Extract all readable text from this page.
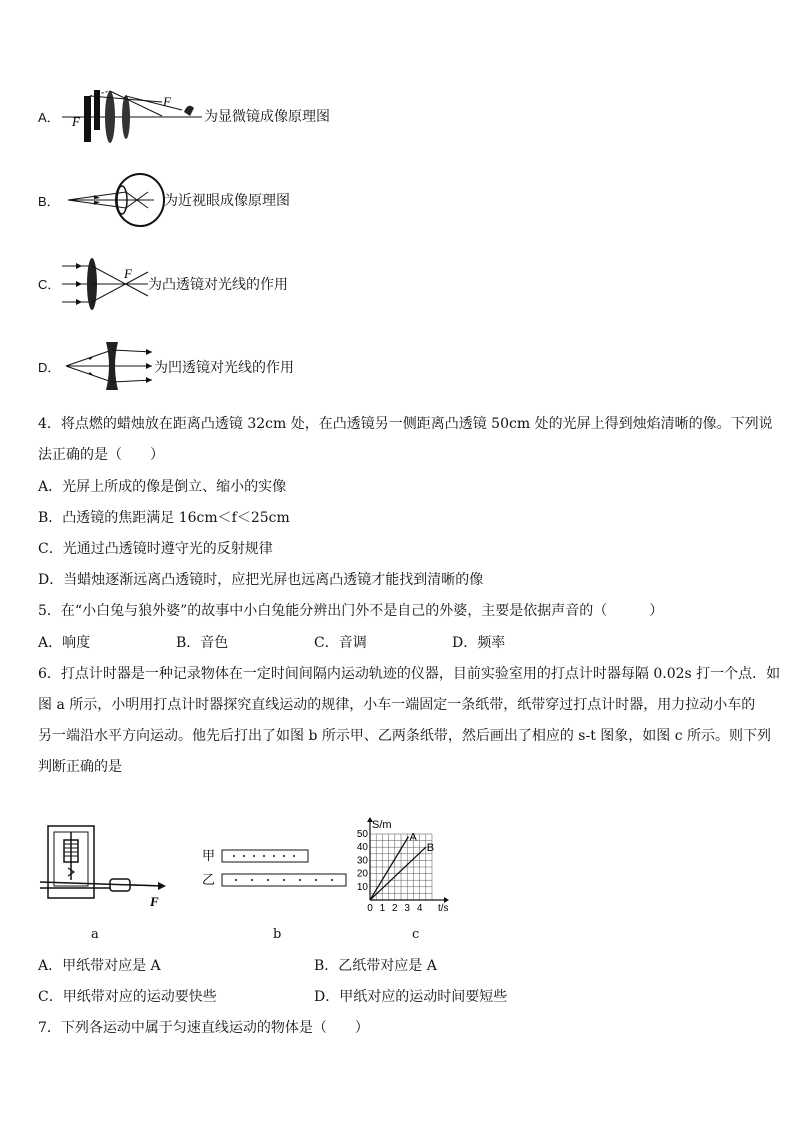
A． F
F
为显微镜成像原理图
B．	为近视眼成像原理图
C．
F
为凸透镜对光线的作用
D．	为凹透镜对光线的作用
4．将点燃的蜡烛放在距离凸透镜 32cm 处，在凸透镜另一侧距离凸透镜 50cm 处的光屏上得到烛焰清晰的像。下列说
法正确的是（　　）
A．光屏上所成的像是倒立、缩小的实像
B．凸透镜的焦距满足 16cm＜f＜25cm
C．光通过凸透镜时遵守光的反射规律
D．当蜡烛逐渐远离凸透镜时，应把光屏也远离凸透镜才能找到清晰的像
5．在“小白兔与狼外婆”的故事中小白兔能分辨出门外不是自己的外婆，主要是依据声音的（　　　）
A．响度	B．音色	C．音调	D．频率
6．打点计时器是一种记录物体在一定时间间隔内运动轨迹的仪器，目前实验室用的打点计时器每隔 0.02s 打一个点．如
图 a 所示，小明用打点计时器探究直线运动的规律，小车一端固定一条纸带，纸带穿过打点计时器，用力拉动小车的
另一端沿水平方向运动。他先后打出了如图 b 所示甲、乙两条纸带，然后画出了相应的 s-t 图象，如图 c 所示。则下列
判断正确的是
F
a
甲
乙
b
0 1 2 3 4
10
20
30
40
50
t/s
S/m
A
B
c
A．甲纸带对应是 A	B．乙纸带对应是 A
C．甲纸带对应的运动要快些	D．甲纸对应的运动时间要短些
7．下列各运动中属于匀速直线运动的物体是（　　）
